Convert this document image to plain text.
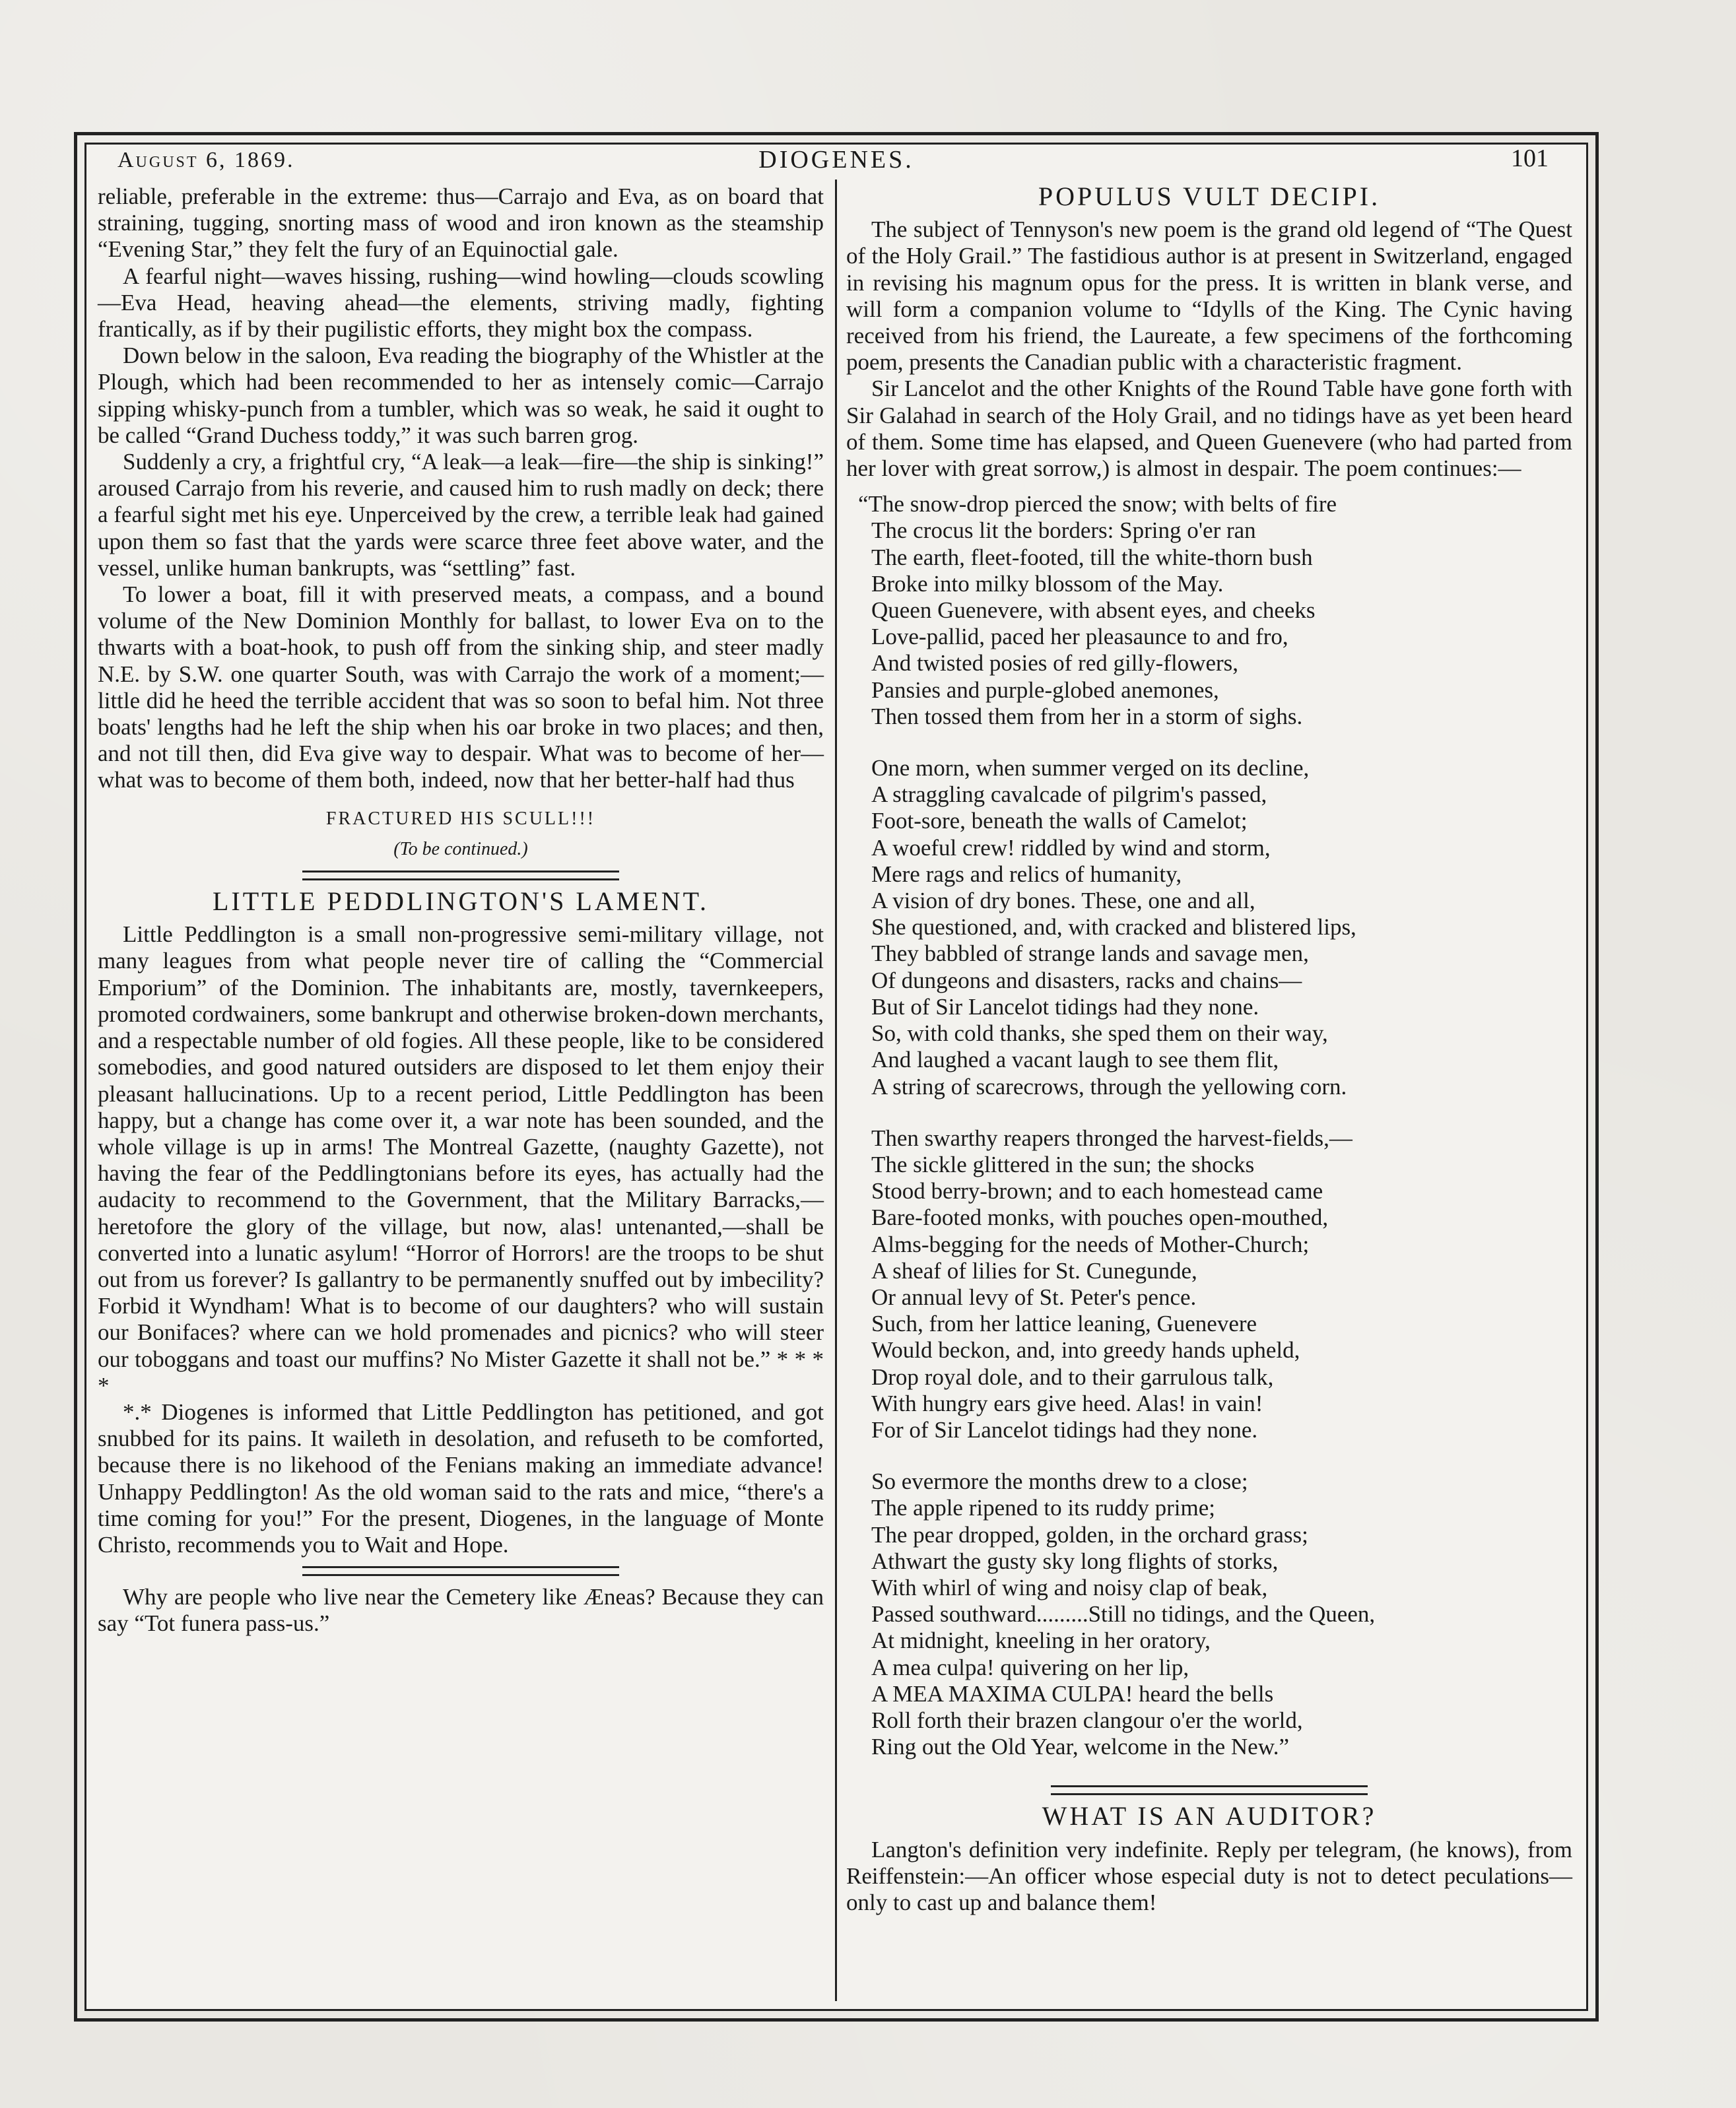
August 6, 1869.	DIOGENES.	101

reliable, preferable in the extreme: thus—Carrajo and Eva, as on board that straining, tugging, snorting mass of wood and iron known as the steamship “Evening Star,” they felt the fury of an Equinoctial gale.

A fearful night—waves hissing, rushing—wind howling—clouds scowling—Eva Head, heaving ahead—the elements, striving madly, fighting frantically, as if by their pugilistic efforts, they might box the compass.

Down below in the saloon, Eva reading the biography of the Whistler at the Plough, which had been recommended to her as intensely comic—Carrajo sipping whisky-punch from a tumbler, which was so weak, he said it ought to be called “Grand Duchess toddy,” it was such barren grog.

Suddenly a cry, a frightful cry, “A leak—a leak—fire—the ship is sinking!” aroused Carrajo from his reverie, and caused him to rush madly on deck; there a fearful sight met his eye. Unperceived by the crew, a terrible leak had gained upon them so fast that the yards were scarce three feet above water, and the vessel, unlike human bankrupts, was “settling” fast.

To lower a boat, fill it with preserved meats, a compass, and a bound volume of the New Dominion Monthly for ballast, to lower Eva on to the thwarts with a boat-hook, to push off from the sinking ship, and steer madly N.E. by S.W. one quarter South, was with Carrajo the work of a moment;—little did he heed the terrible accident that was so soon to befal him. Not three boats' lengths had he left the ship when his oar broke in two places; and then, and not till then, did Eva give way to despair. What was to become of her—what was to become of them both, indeed, now that her better-half had thus

FRACTURED HIS SCULL!!!
(To be continued.)
LITTLE PEDDLINGTON'S LAMENT.

Little Peddlington is a small non-progressive semi-military village, not many leagues from what people never tire of calling the “Commercial Emporium” of the Dominion. The inhabitants are, mostly, tavernkeepers, promoted cordwainers, some bankrupt and otherwise broken-down merchants, and a respectable number of old fogies. All these people, like to be considered somebodies, and good natured outsiders are disposed to let them enjoy their pleasant hallucinations. Up to a recent period, Little Peddlington has been happy, but a change has come over it, a war note has been sounded, and the whole village is up in arms! The Montreal Gazette, (naughty Gazette), not having the fear of the Peddlingtonians before its eyes, has actually had the audacity to recommend to the Government, that the Military Barracks,—heretofore the glory of the village, but now, alas! untenanted,—shall be converted into a lunatic asylum! “Horror of Horrors! are the troops to be shut out from us forever? Is gallantry to be permanently snuffed out by imbecility? Forbid it Wyndham! What is to become of our daughters? who will sustain our Bonifaces? where can we hold promenades and picnics? who will steer our toboggans and toast our muffins? No Mister Gazette it shall not be.” * * * *

*.* Diogenes is informed that Little Peddlington has petitioned, and got snubbed for its pains. It waileth in desolation, and refuseth to be comforted, because there is no likehood of the Fenians making an immediate advance! Unhappy Peddlington! As the old woman said to the rats and mice, “there's a time coming for you!” For the present, Diogenes, in the language of Monte Christo, recommends you to Wait and Hope.

Why are people who live near the Cemetery like Æneas? Because they can say “Tot funera pass-us.”

POPULUS VULT DECIPI.

The subject of Tennyson's new poem is the grand old legend of “The Quest of the Holy Grail.” The fastidious author is at present in Switzerland, engaged in revising his magnum opus for the press. It is written in blank verse, and will form a companion volume to “Idylls of the King. The Cynic having received from his friend, the Laureate, a few specimens of the forthcoming poem, presents the Canadian public with a characteristic fragment.

Sir Lancelot and the other Knights of the Round Table have gone forth with Sir Galahad in search of the Holy Grail, and no tidings have as yet been heard of them. Some time has elapsed, and Queen Guenevere (who had parted from her lover with great sorrow,) is almost in despair. The poem continues:—

“The snow-drop pierced the snow; with belts of fire
The crocus lit the borders: Spring o'er ran
The earth, fleet-footed, till the white-thorn bush
Broke into milky blossom of the May.
Queen Guenevere, with absent eyes, and cheeks
Love-pallid, paced her pleasaunce to and fro,
And twisted posies of red gilly-flowers,
Pansies and purple-globed anemones,
Then tossed them from her in a storm of sighs.
One morn, when summer verged on its decline,
A straggling cavalcade of pilgrim's passed,
Foot-sore, beneath the walls of Camelot;
A woeful crew! riddled by wind and storm,
Mere rags and relics of humanity,
A vision of dry bones. These, one and all,
She questioned, and, with cracked and blistered lips,
They babbled of strange lands and savage men,
Of dungeons and disasters, racks and chains—
But of Sir Lancelot tidings had they none.
So, with cold thanks, she sped them on their way,
And laughed a vacant laugh to see them flit,
A string of scarecrows, through the yellowing corn.
Then swarthy reapers thronged the harvest-fields,—
The sickle glittered in the sun; the shocks
Stood berry-brown; and to each homestead came
Bare-footed monks, with pouches open-mouthed,
Alms-begging for the needs of Mother-Church;
A sheaf of lilies for St. Cunegunde,
Or annual levy of St. Peter's pence.
Such, from her lattice leaning, Guenevere
Would beckon, and, into greedy hands upheld,
Drop royal dole, and to their garrulous talk,
With hungry ears give heed. Alas! in vain!
For of Sir Lancelot tidings had they none.
So evermore the months drew to a close;
The apple ripened to its ruddy prime;
The pear dropped, golden, in the orchard grass;
Athwart the gusty sky long flights of storks,
With whirl of wing and noisy clap of beak,
Passed southward.........Still no tidings, and the Queen,
At midnight, kneeling in her oratory,
A mea culpa! quivering on her lip,
A MEA MAXIMA CULPA! heard the bells
Roll forth their brazen clangour o'er the world,
Ring out the Old Year, welcome in the New.”
WHAT IS AN AUDITOR?

Langton's definition very indefinite. Reply per telegram, (he knows), from Reiffenstein:—An officer whose especial duty is not to detect peculations—only to cast up and balance them!
